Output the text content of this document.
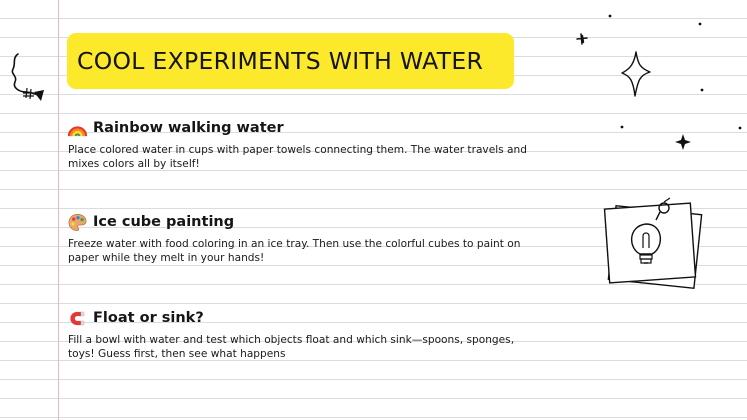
COOL EXPERIMENTS WITH WATER
Rainbow walking water
Place colored water in cups with paper towels connecting them. The water travels and mixes colors all by itself!
Ice cube painting
Freeze water with food coloring in an ice tray. Then use the colorful cubes to paint on paper while they melt in your hands!
Float or sink?
Fill a bowl with water and test which objects float and which sink—spoons, sponges, toys! Guess first, then see what happens
